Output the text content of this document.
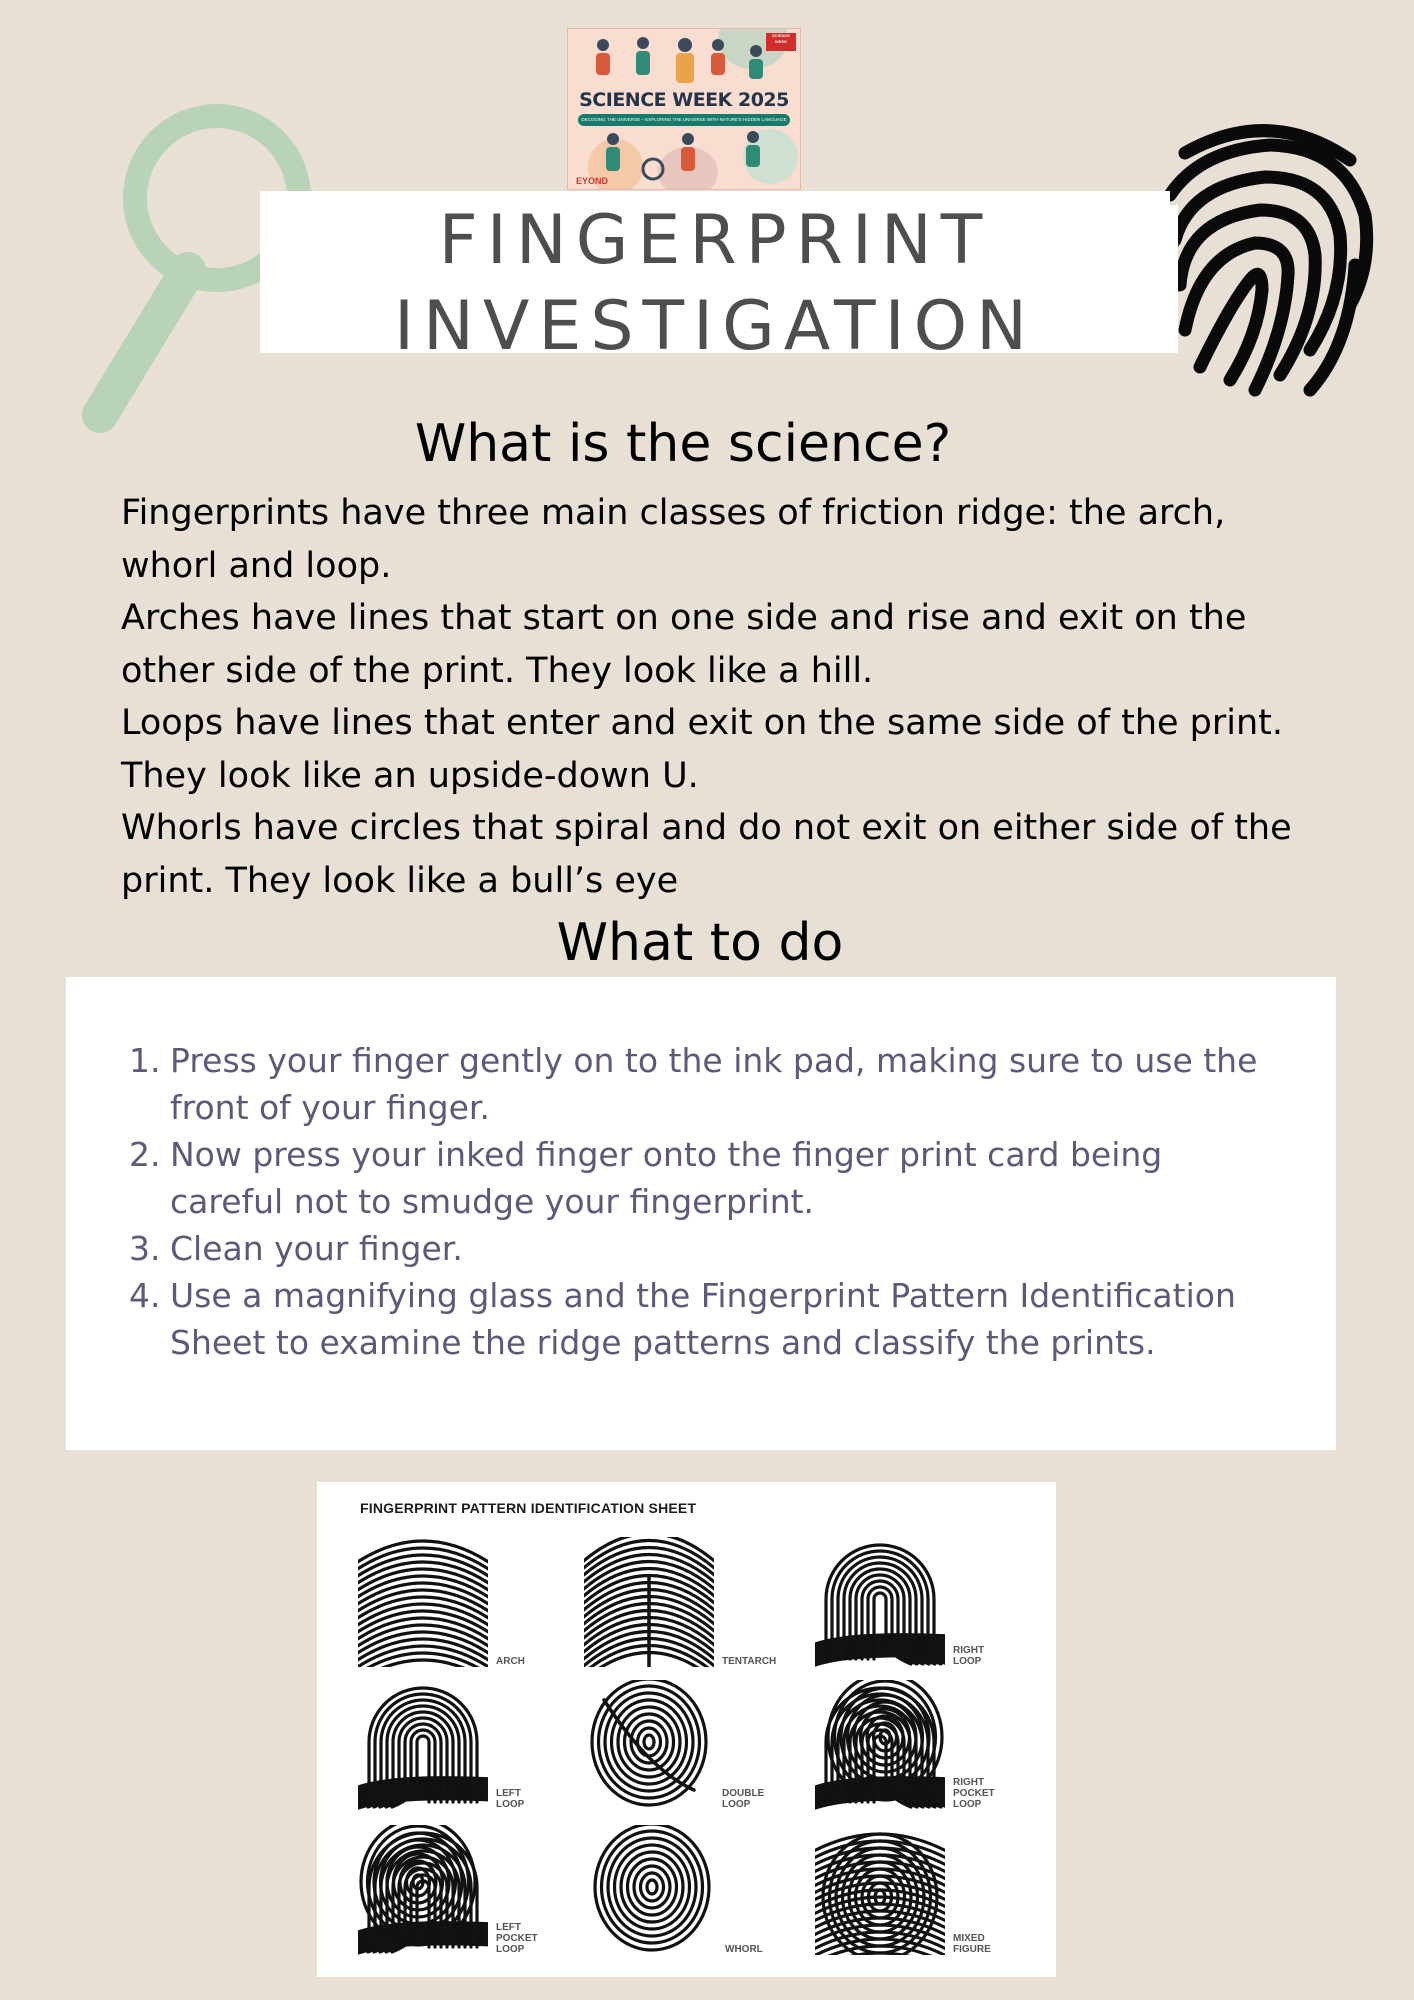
SCIENCE WEEK 2025
DECODING THE UNIVERSE – EXPLORING THE UNIVERSE WITH NATURE'S HIDDEN LANGUAGE
SCIENCE WEEK
EYOND
FINGERPRINT
INVESTIGATION
What is the science?

Fingerprints have three main classes of friction ridge: the arch, whorl and loop.

Arches have lines that start on one side and rise and exit on the other side of the print. They look like a hill.

Loops have lines that enter and exit on the same side of the print. They look like an upside-down U.

Whorls have circles that spiral and do not exit on either side of the print. They look like a bull’s eye

What to do
1. Press your finger gently on to the ink pad, making sure to use the front of your finger.
2. Now press your inked finger onto the finger print card being careful not to smudge your fingerprint.
3. Clean your finger.
4. Use a magnifying glass and the Fingerprint Pattern Identification Sheet to examine the ridge patterns and classify the prints.
FINGERPRINT PATTERN IDENTIFICATION SHEET
ARCH	TENTARCH
RIGHT
LOOP
LEFT
LOOP
DOUBLE
LOOP
RIGHT
POCKET
LOOP
LEFT
POCKET
LOOP	WHORL
MIXED
FIGURE
